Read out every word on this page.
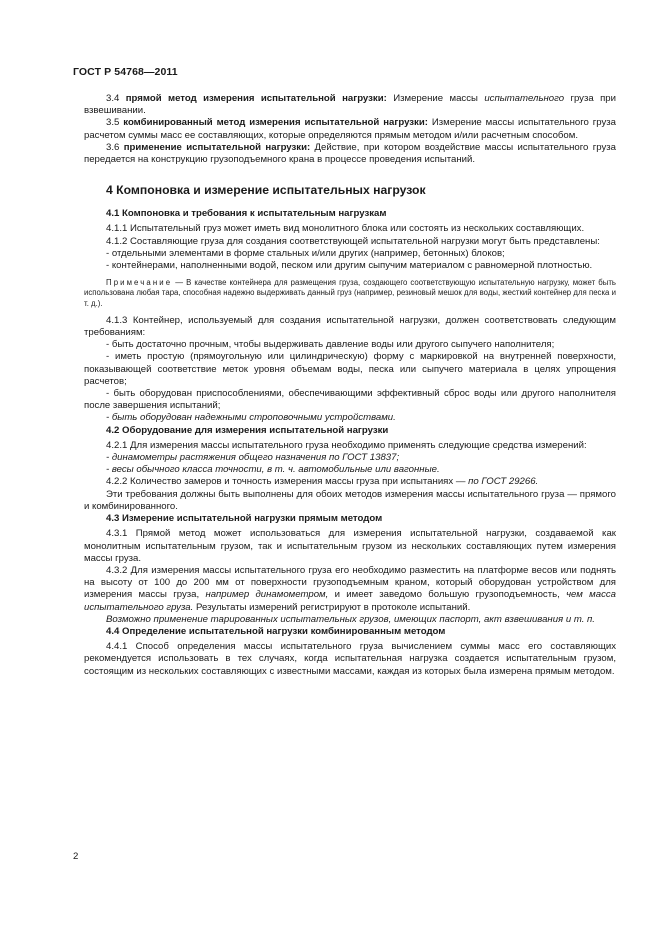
ГОСТ Р 54768—2011

3.4 прямой метод измерения испытательной нагрузки: Измерение массы испытательного груза при взвешивании.

3.5 комбинированный метод измерения испытательной нагрузки: Измерение массы испытательного груза расчетом суммы масс ее составляющих, которые определяются прямым методом и/или расчетным способом.

3.6 применение испытательной нагрузки: Действие, при котором воздействие массы испытательного груза передается на конструкцию грузоподъемного крана в процессе проведения испытаний.

4 Компоновка и измерение испытательных нагрузок
4.1 Компоновка и требования к испытательным нагрузкам

4.1.1 Испытательный груз может иметь вид монолитного блока или состоять из нескольких составляющих.

4.1.2 Составляющие груза для создания соответствующей испытательной нагрузки могут быть представлены:

- отдельными элементами в форме стальных и/или других (например, бетонных) блоков;

- контейнерами, наполненными водой, песком или другим сыпучим материалом с равномерной плотностью.

Примечание — В качестве контейнера для размещения груза, создающего соответствующую испытательную нагрузку, может быть использована любая тара, способная надежно выдерживать данный груз (например, резиновый мешок для воды, жесткий контейнер для песка и т. д.).

4.1.3 Контейнер, используемый для создания испытательной нагрузки, должен соответствовать следующим требованиям:

- быть достаточно прочным, чтобы выдерживать давление воды или другого сыпучего наполнителя;

- иметь простую (прямоугольную или цилиндрическую) форму с маркировкой на внутренней поверхности, показывающей соответствие меток уровня объемам воды, песка или сыпучего материала в целях упрощения расчетов;

- быть оборудован приспособлениями, обеспечивающими эффективный сброс воды или другого наполнителя после завершения испытаний;

- быть оборудован надежными строповочными устройствами.

4.2 Оборудование для измерения испытательной нагрузки

4.2.1 Для измерения массы испытательного груза необходимо применять следующие средства измерений:

- динамометры растяжения общего назначения по ГОСТ 13837;

- весы обычного класса точности, в т. ч. автомобильные или вагонные.

4.2.2 Количество замеров и точность измерения массы груза при испытаниях — по ГОСТ 29266.

Эти требования должны быть выполнены для обоих методов измерения массы испытательного груза — прямого и комбинированного.

4.3 Измерение испытательной нагрузки прямым методом

4.3.1 Прямой метод может использоваться для измерения испытательной нагрузки, создаваемой как монолитным испытательным грузом, так и испытательным грузом из нескольких составляющих путем измерения массы груза.

4.3.2 Для измерения массы испытательного груза его необходимо разместить на платформе весов или поднять на высоту от 100 до 200 мм от поверхности грузоподъемным краном, который оборудован устройством для измерения массы груза, например динамометром, и имеет заведомо большую грузоподъемность, чем масса испытательного груза. Результаты измерений регистрируют в протоколе испытаний.

Возможно применение тарированных испытательных грузов, имеющих паспорт, акт взвешивания и т. п.

4.4 Определение испытательной нагрузки комбинированным методом

4.4.1 Способ определения массы испытательного груза вычислением суммы масс его составляющих рекомендуется использовать в тех случаях, когда испытательная нагрузка создается испытательным грузом, состоящим из нескольких составляющих с известными массами, каждая из которых была измерена прямым методом.

2
